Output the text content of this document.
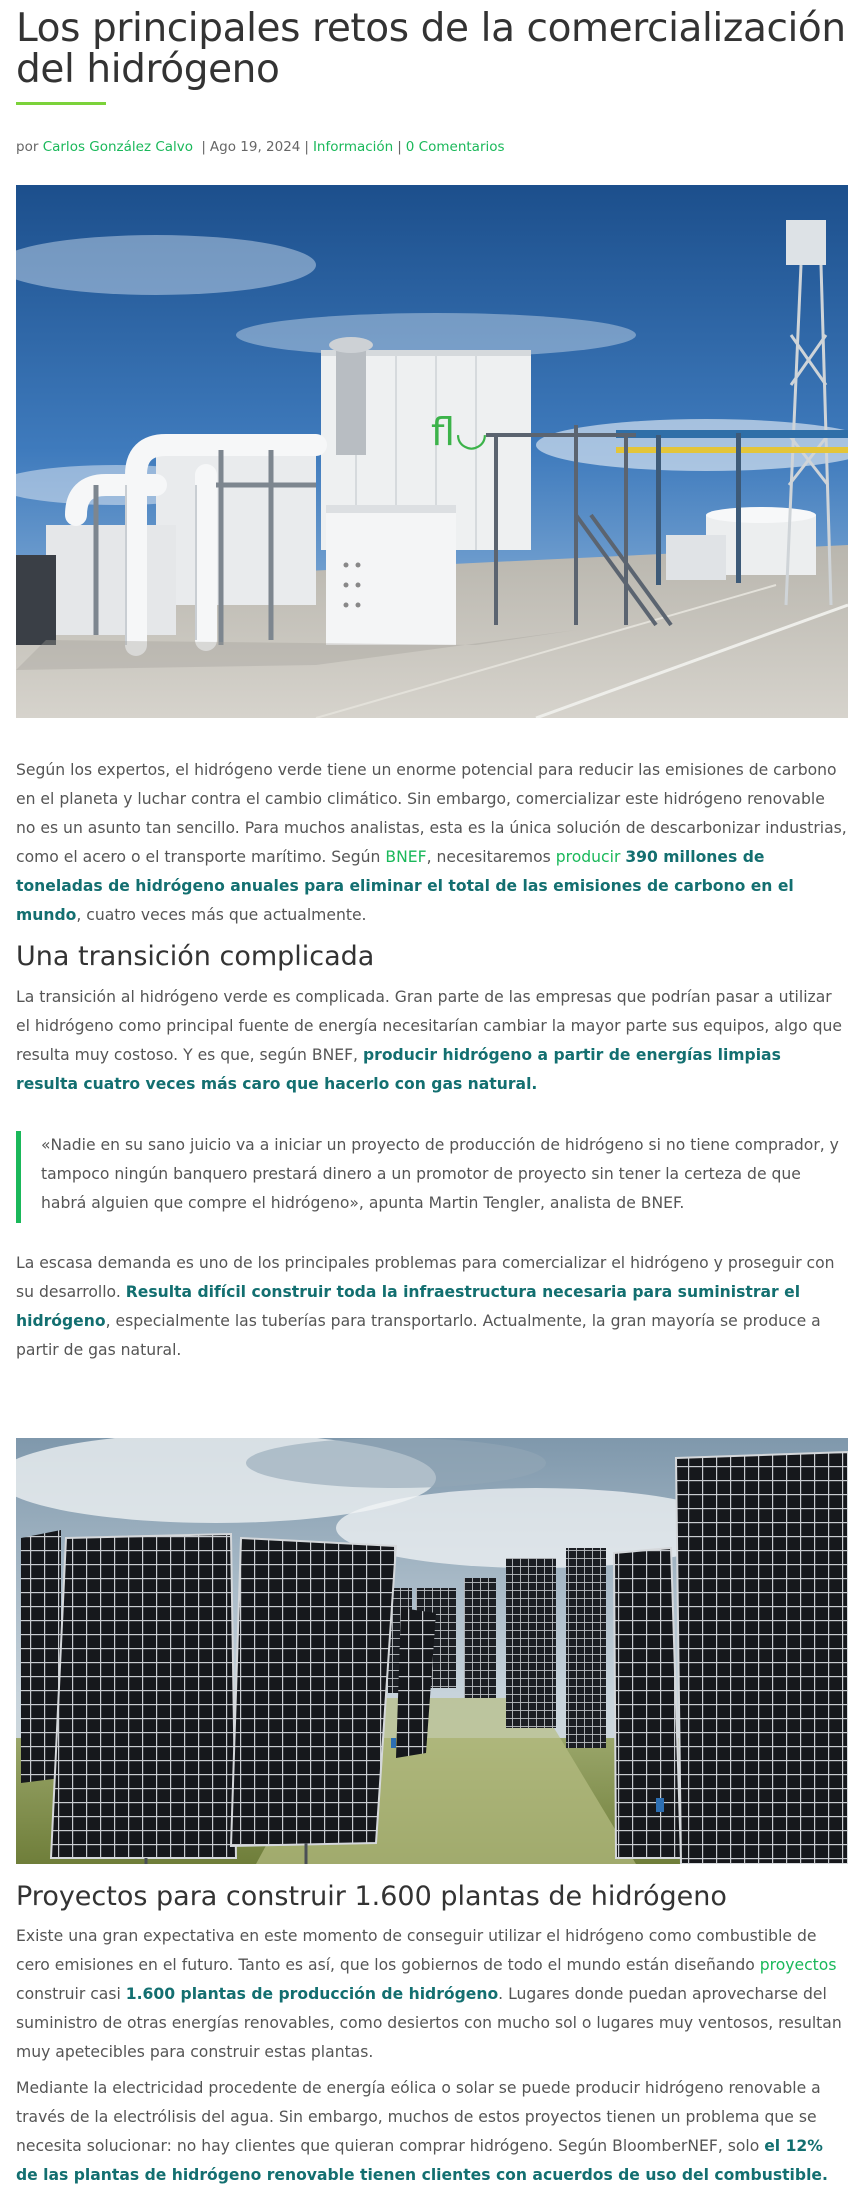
Los principales retos de la comercialización del hidrógeno
por Carlos González Calvo | Ago 19, 2024 | Información | 0 Comentarios
fl◡

Según los expertos, el hidrógeno verde tiene un enorme potencial para reducir las emisiones de carbono en el planeta y luchar contra el cambio climático. Sin embargo, comercializar este hidrógeno renovable no es un asunto tan sencillo. Para muchos analistas, esta es la única solución de descarbonizar industrias, como el acero o el transporte marítimo. Según BNEF, necesitaremos producir 390 millones de toneladas de hidrógeno anuales para eliminar el total de las emisiones de carbono en el mundo, cuatro veces más que actualmente.

Una transición complicada

La transición al hidrógeno verde es complicada. Gran parte de las empresas que podrían pasar a utilizar el hidrógeno como principal fuente de energía necesitarían cambiar la mayor parte sus equipos, algo que resulta muy costoso. Y es que, según BNEF, producir hidrógeno a partir de energías limpias resulta cuatro veces más caro que hacerlo con gas natural.

«Nadie en su sano juicio va a iniciar un proyecto de producción de hidrógeno si no tiene comprador, y tampoco ningún banquero prestará dinero a un promotor de proyecto sin tener la certeza de que habrá alguien que compre el hidrógeno», apunta Martin Tengler, analista de BNEF.

La escasa demanda es uno de los principales problemas para comercializar el hidrógeno y proseguir con su desarrollo. Resulta difícil construir toda la infraestructura necesaria para suministrar el hidrógeno, especialmente las tuberías para transportarlo. Actualmente, la gran mayoría se produce a partir de gas natural.

Proyectos para construir 1.600 plantas de hidrógeno

Existe una gran expectativa en este momento de conseguir utilizar el hidrógeno como combustible de cero emisiones en el futuro. Tanto es así, que los gobiernos de todo el mundo están diseñando proyectos construir casi 1.600 plantas de producción de hidrógeno. Lugares donde puedan aprovecharse del suministro de otras energías renovables, como desiertos con mucho sol o lugares muy ventosos, resultan muy apetecibles para construir estas plantas.

Mediante la electricidad procedente de energía eólica o solar se puede producir hidrógeno renovable a través de la electrólisis del agua. Sin embargo, muchos de estos proyectos tienen un problema que se necesita solucionar: no hay clientes que quieran comprar hidrógeno. Según BloomberNEF, solo el 12% de las plantas de hidrógeno renovable tienen clientes con acuerdos de uso del combustible.
